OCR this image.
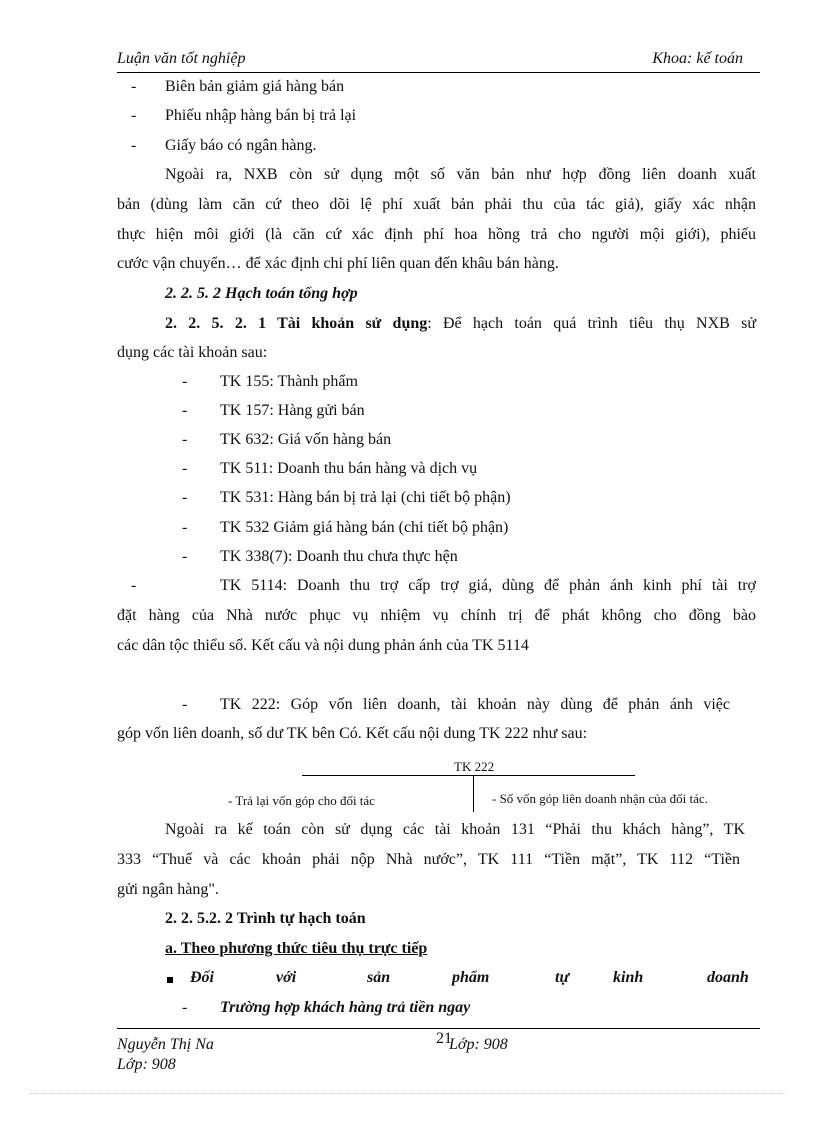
Luận văn tốt nghiệp	Khoa: kế toán
- Biên bản giảm giá hàng bán
- Phiếu nhập hàng bán bị trả lại
- Giấy báo có ngân hàng.
Ngoài ra, NXB còn sử dụng một số văn bản như hợp đồng liên doanh xuất
bản (dùng làm căn cứ theo dõi lệ phí xuất bản phải thu của tác giả), giấy xác nhận
thực hiện môi giới (là căn cứ xác định phí hoa hồng trả cho người mội giới), phiếu
cước vận chuyển… để xác định chi phí liên quan đến khâu bán hàng.
2. 2. 5. 2 Hạch toán tổng hợp
2. 2. 5. 2. 1 Tài khoản sử dụng: Để hạch toán quá trình tiêu thụ NXB sử
dụng các tài khoản sau:
- TK 155: Thành phẩm
- TK 157: Hàng gửi bán
- TK 632: Giá vốn hàng bán
- TK 511: Doanh thu bán hàng và dịch vụ
- TK 531: Hàng bán bị trả lại (chi tiết bộ phận)
- TK 532 Giảm giá hàng bán (chi tiết bộ phận)
- TK 338(7): Doanh thu chưa thực hện
-	TK 5114: Doanh thu trợ cấp trợ giá, dùng để phản ánh kinh phí tài trợ
đặt hàng của Nhà nước phục vụ nhiệm vụ chính trị để phát không cho đồng bào
các dân tộc thiểu số. Kết cấu và nội dung phản ánh của TK 5114
- TK 222: Góp vốn liên doanh, tài khoản này dùng để phản ánh việc
góp vốn liên doanh, số dư TK bên Có. Kết cấu nội dung TK 222 như sau:
TK 222
- Trả lại vốn góp cho đối tác	- Số vốn góp liên doanh nhận của đối tác.
Ngoài ra kế toán còn sử dụng các tài khoản 131 “Phải thu khách hàng”, TK
333 “Thuế và các khoản phải nộp Nhà nước”, TK 111 “Tiền mặt”, TK 112 “Tiền
gửi ngân hàng".
2. 2. 5.2. 2 Trình tự hạch toán
a. Theo phương thức tiêu thụ trực tiếp
Đối	với	sản	phẩm	tự	kinh	doanh
- Trường hợp khách hàng trả tiền ngay
Nguyễn Thị Na	21
Lớp: 908
Lớp: 908
